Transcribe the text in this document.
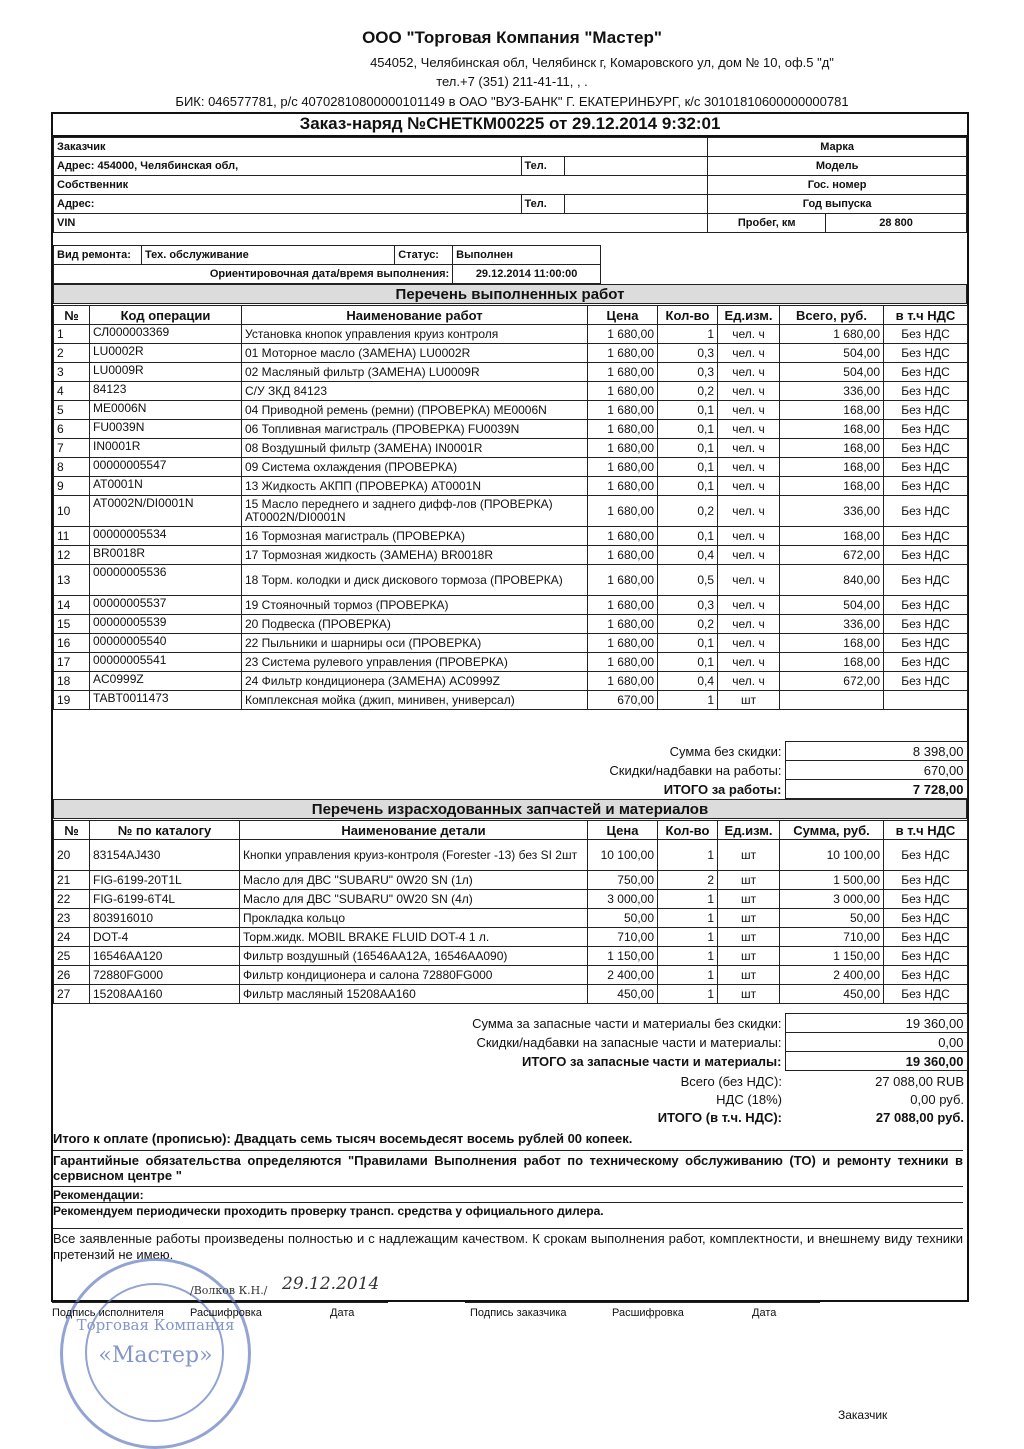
ООО "Торговая Компания "Мастер"
454052, Челябинская обл, Челябинск г, Комаровского ул, дом № 10, оф.5 "д"
тел.+7 (351) 211-41-11, , .
БИК: 046577781, р/с 40702810800000101149 в ОАО "ВУЗ-БАНК" Г. ЕКАТЕРИНБУРГ, к/с 30101810600000000781
Заказ-наряд №СНЕТКМ00225 от 29.12.2014 9:32:01
Заказчик			Марка	
Адрес: 454000, Челябинская обл,	Тел.		Модель	
Собственник			Гос. номер	
Адрес:	Тел.		Год выпуска	
VIN			Пробег, км	28 800
Вид ремонта:	Тех. обслуживание	Статус:	Выполнен
Ориентировочная дата/время выполнения:			29.12.2014 11:00:00
Перечень выполненных работ
№	Код операции	Наименование работ	Цена	Кол-во	Ед.изм.	Всего, руб.	в т.ч НДС
1	СЛ000003369	Установка кнопок управления круиз контроля	1 680,00	1	чел. ч	1 680,00	Без НДС
2	LU0002R	01 Моторное масло (ЗАМЕНА) LU0002R	1 680,00	0,3	чел. ч	504,00	Без НДС
3	LU0009R	02 Масляный фильтр (ЗАМЕНА) LU0009R	1 680,00	0,3	чел. ч	504,00	Без НДС
4	84123	С/У ЗКД 84123	1 680,00	0,2	чел. ч	336,00	Без НДС
5	ME0006N	04 Приводной ремень (ремни) (ПРОВЕРКА) ME0006N	1 680,00	0,1	чел. ч	168,00	Без НДС
6	FU0039N	06 Топливная магистраль (ПРОВЕРКА) FU0039N	1 680,00	0,1	чел. ч	168,00	Без НДС
7	IN0001R	08 Воздушный фильтр (ЗАМЕНА) IN0001R	1 680,00	0,1	чел. ч	168,00	Без НДС
8	00000005547	09 Система охлаждения (ПРОВЕРКА)	1 680,00	0,1	чел. ч	168,00	Без НДС
9	AT0001N	13 Жидкость АКПП (ПРОВЕРКА) AT0001N	1 680,00	0,1	чел. ч	168,00	Без НДС
10	AT0002N/DI0001N	15 Масло переднего и заднего дифф-лов (ПРОВЕРКА) AT0002N/DI0001N	1 680,00	0,2	чел. ч	336,00	Без НДС
11	00000005534	16 Тормозная магистраль (ПРОВЕРКА)	1 680,00	0,1	чел. ч	168,00	Без НДС
12	BR0018R	17 Тормозная жидкость (ЗАМЕНА) BR0018R	1 680,00	0,4	чел. ч	672,00	Без НДС
13	00000005536	18 Торм. колодки и диск дискового тормоза (ПРОВЕРКА)	1 680,00	0,5	чел. ч	840,00	Без НДС
14	00000005537	19 Стояночный тормоз (ПРОВЕРКА)	1 680,00	0,3	чел. ч	504,00	Без НДС
15	00000005539	20 Подвеска (ПРОВЕРКА)	1 680,00	0,2	чел. ч	336,00	Без НДС
16	00000005540	22 Пыльники и шарниры оси (ПРОВЕРКА)	1 680,00	0,1	чел. ч	168,00	Без НДС
17	00000005541	23 Система рулевого управления (ПРОВЕРКА)	1 680,00	0,1	чел. ч	168,00	Без НДС
18	AC0999Z	24 Фильтр кондиционера (ЗАМЕНА) AC0999Z	1 680,00	0,4	чел. ч	672,00	Без НДС
19	TABT0011473	Комплексная мойка (джип, минивен, универсал)	670,00	1	шт		
Сумма без скидки:	8 398,00
Скидки/надбавки на работы:	670,00
ИТОГО за работы:	7 728,00
Перечень израсходованных запчастей и материалов
№	№ по каталогу	Наименование детали	Цена	Кол-во	Ед.изм.	Сумма, руб.	в т.ч НДС
20	83154AJ430	Кнопки управления круиз-контроля (Forester -13) без SI 2шт	10 100,00	1	шт	10 100,00	Без НДС
21	FIG-6199-20T1L	Масло для ДВС "SUBARU" 0W20 SN (1л)	750,00	2	шт	1 500,00	Без НДС
22	FIG-6199-6T4L	Масло для ДВС "SUBARU" 0W20 SN (4л)	3 000,00	1	шт	3 000,00	Без НДС
23	803916010	Прокладка кольцо	50,00	1	шт	50,00	Без НДС
24	DOT-4	Торм.жидк. MOBIL BRAKE FLUID DOT-4 1 л.	710,00	1	шт	710,00	Без НДС
25	16546AA120	Фильтр воздушный (16546AA12A, 16546AA090)	1 150,00	1	шт	1 150,00	Без НДС
26	72880FG000	Фильтр кондиционера и салона 72880FG000	2 400,00	1	шт	2 400,00	Без НДС
27	15208AA160	Фильтр масляный 15208AA160	450,00	1	шт	450,00	Без НДС
Сумма за запасные части и материалы без скидки:	19 360,00
Скидки/надбавки на запасные части и материалы:	0,00
ИТОГО за запасные части и материалы:	19 360,00
Всего (без НДС):	27 088,00 RUB
НДС (18%)	0,00 руб.
ИТОГО (в т.ч. НДС):	27 088,00 руб.
Итого к оплате (прописью): Двадцать семь тысяч восемьдесят восемь рублей 00 копеек.
Гарантийные обязательства определяются "Правилами Выполнения работ по техническому обслуживанию (ТО) и ремонту техники в сервисном центре "
Рекомендации:
Рекомендуем периодически проходить проверку трансп. средства у официального дилера.
Все заявленные работы произведены полностью и с надлежащим качеством. К срокам выполнения работ, комплектности, и внешнему виду техники претензий не имею.
Торговая Компания
«Мастер»
/Волков К.Н./ 29.12.2014
Подпись исполнителя	Расшифровка	Дата	Подпись заказчика	Расшифровка	Дата
Заказчик
